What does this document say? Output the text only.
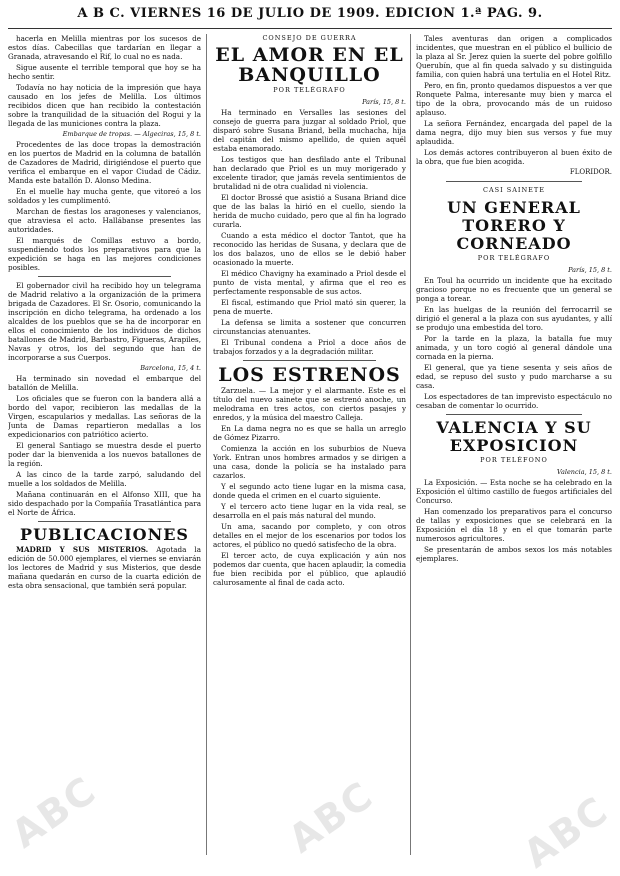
A B C. VIERNES 16 DE JULIO DE 1909. EDICION 1.ª PAG. 9.

hacerla en Melilla mientras por los sucesos de estos días. Cabecillas que tardarían en llegar a Granada, atravesando el Rif, lo cual no es nada.

Sigue ausente el terrible temporal que hoy se ha hecho sentir.

Todavía no hay noticia de la impresión que haya causado en los jefes de Melilla. Los últimos recibidos dicen que han recibido la contestación sobre la tranquilidad de la situación del Rogui y la llegada de las municiones contra la plaza.

Embarque de tropas. — Algeciras, 15, 8 t.

Procedentes de las doce tropas la demostración en los puertos de Madrid en la columna de batallón de Cazadores de Madrid, dirigiéndose el puerto que verifica el embarque en el vapor Ciudad de Cádiz. Manda este batallón D. Alonso Medina.

En el muelle hay mucha gente, que vitoreó a los soldados y les cumplimentó.

Marchan de fiestas los aragoneses y valencianos, que atraviesa el acto. Hallábanse presentes las autoridades.

El marqués de Comillas estuvo a bordo, suspendiendo todos los preparativos para que la expedición se haga en las mejores condiciones posibles.

El gobernador civil ha recibido hoy un telegrama de Madrid relativo a la organización de la primera brigada de Cazadores. El Sr. Osorio, comunicando la inscripción en dicho telegrama, ha ordenado a los alcaldes de los pueblos que se ha de incorporar en ellos el conocimiento de los individuos de dichos batallones de Madrid, Barbastro, Figueras, Arapiles, Navas y otros, los del segundo que han de incorporarse a sus Cuerpos.

Barcelona, 15, 4 t.

Ha terminado sin novedad el embarque del batallón de Melilla.

Los oficiales que se fueron con la bandera allá a bordo del vapor, recibieron las medallas de la Virgen, escapularios y medallas. Las señoras de la Junta de Damas repartieron medallas a los expedicionarios con patriótico acierto.

El general Santiago se muestra desde el puerto poder dar la bienvenida a los nuevos batallones de la región.

A las cinco de la tarde zarpó, saludando del muelle a los soldados de Melilla.

Mañana continuarán en el Alfonso XIII, que ha sido despachado por la Compañía Trasatlántica para el Norte de África.

PUBLICACIONES

MADRID Y SUS MISTERIOS. Agotada la edición de 50.000 ejemplares, el viernes se enviarán los lectores de Madrid y sus Misterios, que desde mañana quedarán en curso de la cuarta edición de esta obra sensacional, que también será popular.

CONSEJO DE GUERRA
EL AMOR EN EL BANQUILLO
POR TELÉGRAFO
París, 15, 8 t.

Ha terminado en Versalles las sesiones del consejo de guerra para juzgar al soldado Priol, que disparó sobre Susana Briand, bella muchacha, hija del capitán del mismo apellido, de quien aquél estaba enamorado.

Los testigos que han desfilado ante el Tribunal han declarado que Priol es un muy morigerado y excelente tirador, que jamás revela sentimientos de brutalidad ni de otra cualidad ni violencia.

El doctor Brossé que asistió a Susana Briand dice que de las balas la hirió en el cuello, siendo la herida de mucho cuidado, pero que al fin ha logrado curarla.

Cuando a esta médico el doctor Tantot, que ha reconocido las heridas de Susana, y declara que de los dos balazos, uno de ellos se le debió haber ocasionado la muerte.

El médico Chavigny ha examinado a Priol desde el punto de vista mental, y afirma que el reo es perfectamente responsable de sus actos.

El fiscal, estimando que Priol mató sin querer, la pena de muerte.

La defensa se limita a sostener que concurren circunstancias atenuantes.

El Tribunal condena a Priol a doce años de trabajos forzados y a la degradación militar.

LOS ESTRENOS

Zarzuela. — La mejor y el alarmante. Este es el título del nuevo sainete que se estrenó anoche, un melodrama en tres actos, con ciertos pasajes y enredos, y la música del maestro Calleja.

En La dama negra no es que se halla un arreglo de Gómez Pizarro.

Comienza la acción en los suburbios de Nueva York. Entran unos hombres armados y se dirigen a una casa, donde la policía se ha instalado para cazarlos.

Y el segundo acto tiene lugar en la misma casa, donde queda el crimen en el cuarto siguiente.

Y el tercero acto tiene lugar en la vida real, se desarrolla en el país más natural del mundo.

Un ama, sacando por completo, y con otros detalles en el mejor de los escenarios por todos los actores, el público no quedó satisfecho de la obra.

El tercer acto, de cuya explicación y aún nos podemos dar cuenta, que hacen aplaudir, la comedia fue bien recibida por el público, que aplaudió calurosamente al final de cada acto.

Tales aventuras dan origen a complicados incidentes, que muestran en el público el bullicio de la plaza al Sr. Jerez quien la suerte del pobre golfillo Querubín, que al fin queda salvado y su distinguida familia, con quien habrá una tertulia en el Hotel Ritz.

Pero, en fin, pronto quedamos dispuestos a ver que Ronquete Palma, interesante muy bien y marca el tipo de la obra, provocando más de un ruidoso aplauso.

La señora Fernández, encargada del papel de la dama negra, dijo muy bien sus versos y fue muy aplaudida.

Los demás actores contribuyeron al buen éxito de la obra, que fue bien acogida.

FLORIDOR.
CASI SAINETE
UN GENERAL TORERO Y CORNEADO
POR TELÉGRAFO
París, 15, 8 t.

En Toul ha ocurrido un incidente que ha excitado gracioso porque no es frecuente que un general se ponga a torear.

En las huelgas de la reunión del ferrocarril se dirigió el general a la plaza con sus ayudantes, y allí se produjo una embestida del toro.

Por la tarde en la plaza, la batalla fue muy animada, y un toro cogió al general dándole una cornada en la pierna.

El general, que ya tiene sesenta y seis años de edad, se repuso del susto y pudo marcharse a su casa.

Los espectadores de tan imprevisto espectáculo no cesaban de comentar lo ocurrido.

VALENCIA Y SU EXPOSICION
POR TELÉFONO
Valencia, 15, 8 t.

La Exposición. — Esta noche se ha celebrado en la Exposición el último castillo de fuegos artificiales del Concurso.

Han comenzado los preparativos para el concurso de tallas y exposiciones que se celebrará en la Exposición el día 18 y en el que tomarán parte numerosos agricultores.

Se presentarán de ambos sexos los más notables ejemplares.

ABC	ABC	ABC
